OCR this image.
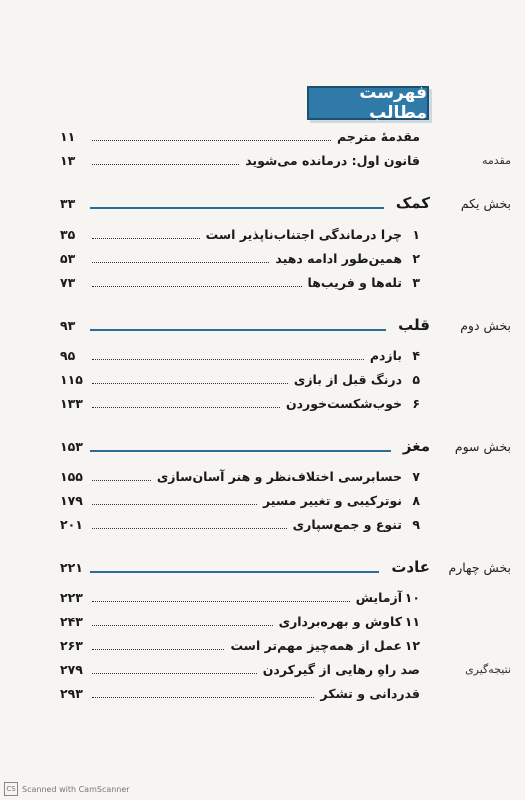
فهرست مطالب
مقدمهٔ مترجم
۱۱
مقدمه
قانون اول: درمانده می‌شوید
۱۳
بخش یکم
کمک
۳۳
۱
چرا درماندگی اجتناب‌ناپذیر است
۳۵
۲
همین‌طور ادامه دهید
۵۳
۳
تله‌ها و فریب‌ها
۷۳
بخش دوم
قلب
۹۳
۴
بازدم
۹۵
۵
درنگ قبل از بازی
۱۱۵
۶
خوب‌شکست‌خوردن
۱۳۳
بخش سوم
مغز
۱۵۳
۷
حسابرسی اختلاف‌نظر و هنر آسان‌سازی
۱۵۵
۸
نوترکیبی و تغییر مسیر
۱۷۹
۹
تنوع و جمع‌سپاری
۲۰۱
بخش چهارم
عادت
۲۲۱
۱۰
آزمایش
۲۲۳
۱۱
کاوش و بهره‌برداری
۲۴۳
۱۲
عمل از همه‌چیز مهم‌تر است
۲۶۳
نتیجه‌گیری
صد راهِ رهایی از گیرکردن
۲۷۹
قدردانی و تشکر
۲۹۳
CS Scanned with CamScanner
